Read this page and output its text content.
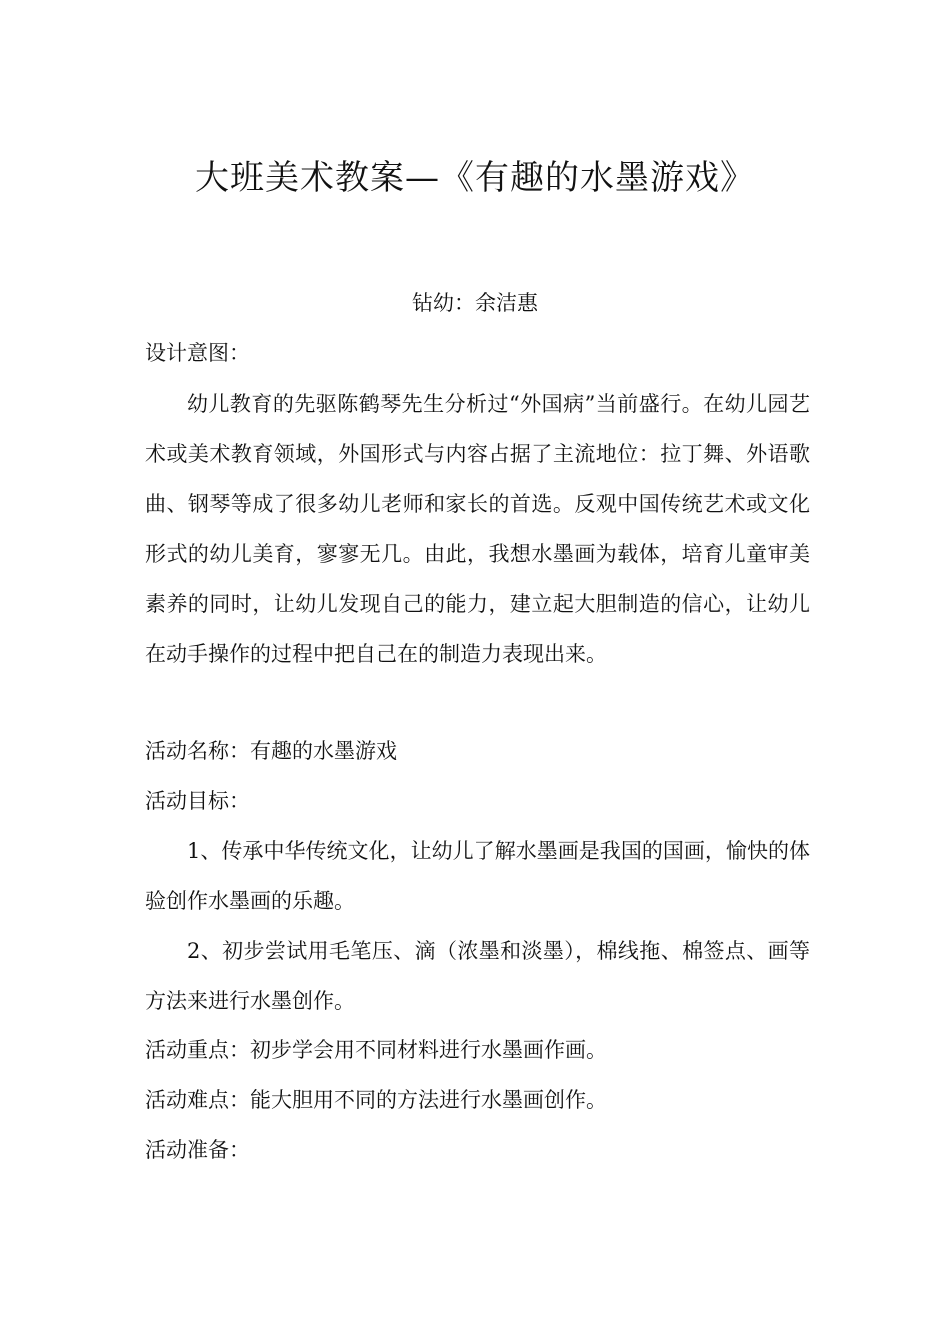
大班美术教案—《有趣的水墨游戏》
钻幼：余洁惠
设计意图：

幼儿教育的先驱陈鹤琴先生分析过“外国病”当前盛行。在幼儿园艺术或美术教育领域，外国形式与内容占据了主流地位：拉丁舞、外语歌曲、钢琴等成了很多幼儿老师和家长的首选。反观中国传统艺术或文化形式的幼儿美育，寥寥无几。由此，我想水墨画为载体，培育儿童审美素养的同时，让幼儿发现自己的能力，建立起大胆制造的信心，让幼儿在动手操作的过程中把自己在的制造力表现出来。

活动名称：有趣的水墨游戏
活动目标：

1、传承中华传统文化，让幼儿了解水墨画是我国的国画，愉快的体验创作水墨画的乐趣。

2、初步尝试用毛笔压、滴（浓墨和淡墨），棉线拖、棉签点、画等方法来进行水墨创作。

活动重点：初步学会用不同材料进行水墨画作画。
活动难点：能大胆用不同的方法进行水墨画创作。
活动准备：
